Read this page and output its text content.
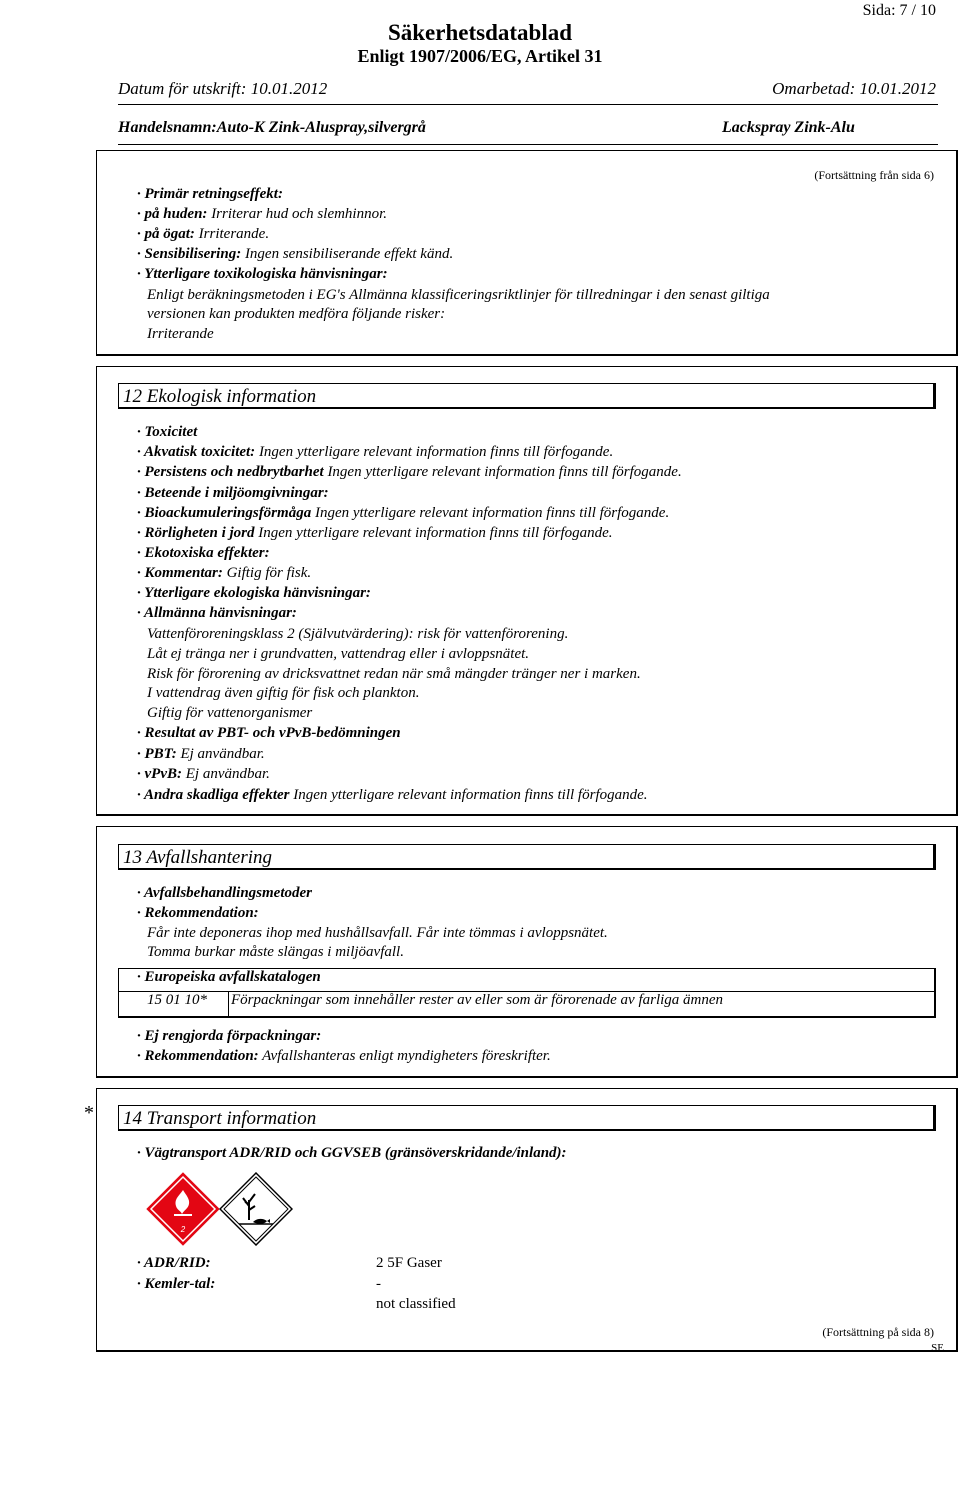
Sida: 7 / 10
Säkerhetsdatablad
Enligt 1907/2006/EG, Artikel 31
Datum för utskrift: 10.01.2012	Omarbetad: 10.01.2012
Handelsnamn:Auto-K Zink-Aluspray,silvergrå	Lackspray Zink-Alu
(Fortsättning från sida 6)
· Primär retningseffekt:
· på huden: Irriterar hud och slemhinnor.
· på ögat: Irriterande.
· Sensibilisering: Ingen sensibiliserande effekt känd.
· Ytterligare toxikologiska hänvisningar:
Enligt beräkningsmetoden i EG's Allmänna klassificeringsriktlinjer för tillredningar i den senast giltiga
versionen kan produkten medföra följande risker:
Irriterande
12 Ekologisk information
· Toxicitet
· Akvatisk toxicitet: Ingen ytterligare relevant information finns till förfogande.
· Persistens och nedbrytbarhet Ingen ytterligare relevant information finns till förfogande.
· Beteende i miljöomgivningar:
· Bioackumuleringsförmåga Ingen ytterligare relevant information finns till förfogande.
· Rörligheten i jord Ingen ytterligare relevant information finns till förfogande.
· Ekotoxiska effekter:
· Kommentar: Giftig för fisk.
· Ytterligare ekologiska hänvisningar:
· Allmänna hänvisningar:
Vattenföroreningsklass 2 (Självutvärdering): risk för vattenförorening.
Låt ej tränga ner i grundvatten, vattendrag eller i avloppsnätet.
Risk för förorening av dricksvattnet redan när små mängder tränger ner i marken.
I vattendrag även giftig för fisk och plankton.
Giftig för vattenorganismer
· Resultat av PBT- och vPvB-bedömningen
· PBT: Ej användbar.
· vPvB: Ej användbar.
· Andra skadliga effekter Ingen ytterligare relevant information finns till förfogande.
13 Avfallshantering
· Avfallsbehandlingsmetoder
· Rekommendation:
Får inte deponeras ihop med hushållsavfall. Får inte tömmas i avloppsnätet.
Tomma burkar måste slängas i miljöavfall.
· Europeiska avfallskatalogen
15 01 10* Förpackningar som innehåller rester av eller som är förorenade av farliga ämnen
· Ej rengjorda förpackningar:
· Rekommendation: Avfallshanteras enligt myndigheters föreskrifter.
* 14 Transport information
· Vägtransport ADR/RID och GGVSEB (gränsöverskridande/inland):
2
· ADR/RID:	2 5F Gaser
· Kemler-tal:	-
not classified
(Fortsättning på sida 8)
SE
